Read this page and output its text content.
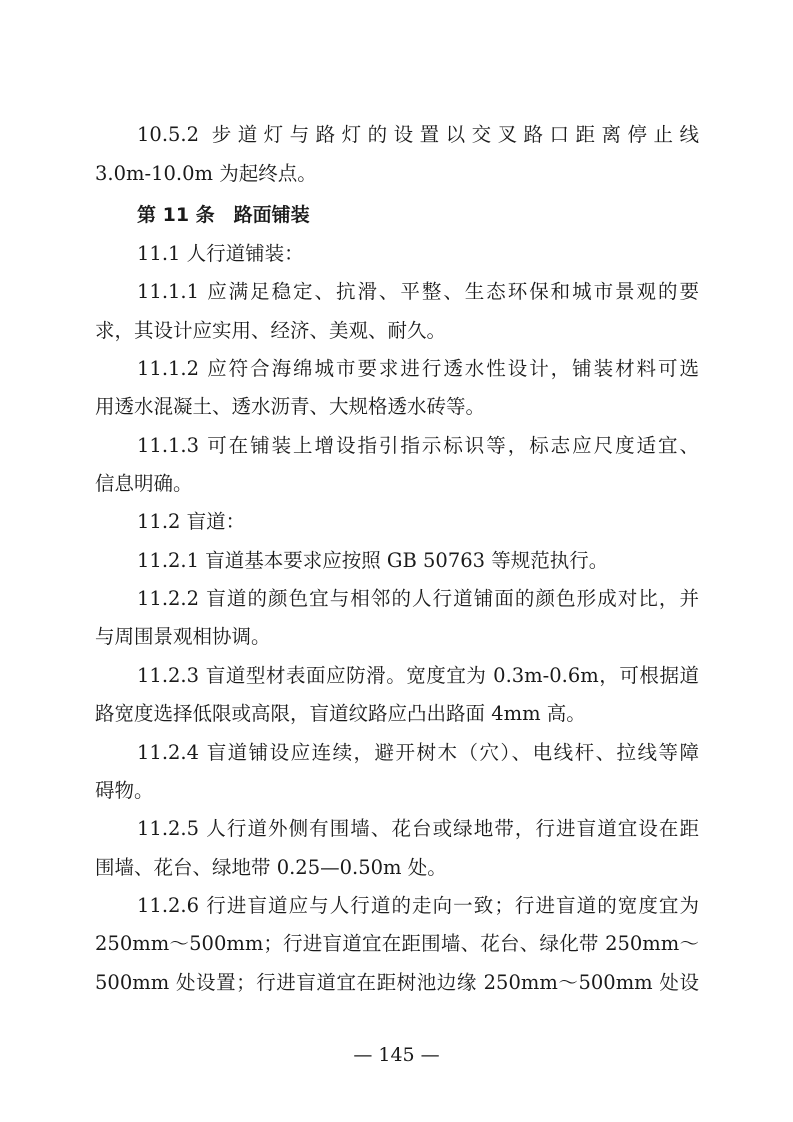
10.5.2 步道灯与路灯的设置以交叉路口距离停止线
3.0m-10.0m 为起终点。
第 11 条　路面铺装
11.1 人行道铺装：
11.1.1 应满足稳定、抗滑、平整、生态环保和城市景观的要
求，其设计应实用、经济、美观、耐久。
11.1.2 应符合海绵城市要求进行透水性设计，铺装材料可选
用透水混凝土、透水沥青、大规格透水砖等。
11.1.3 可在铺装上增设指引指示标识等，标志应尺度适宜、
信息明确。
11.2 盲道：
11.2.1 盲道基本要求应按照 GB 50763 等规范执行。
11.2.2 盲道的颜色宜与相邻的人行道铺面的颜色形成对比，并
与周围景观相协调。
11.2.3 盲道型材表面应防滑。宽度宜为 0.3m-0.6m，可根据道
路宽度选择低限或高限，盲道纹路应凸出路面 4mm 高。
11.2.4 盲道铺设应连续，避开树木（穴）、电线杆、拉线等障
碍物。
11.2.5 人行道外侧有围墙、花台或绿地带，行进盲道宜设在距
围墙、花台、绿地带 0.25—0.50m 处。
11.2.6 行进盲道应与人行道的走向一致；行进盲道的宽度宜为
250mm～500mm；行进盲道宜在距围墙、花台、绿化带 250mm～
500mm 处设置；行进盲道宜在距树池边缘 250mm～500mm 处设
— 145 —
